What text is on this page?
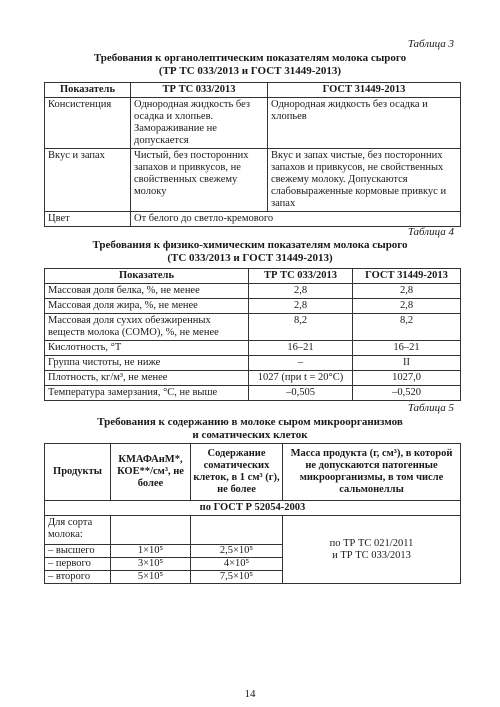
Таблица 3
Требования к органолептическим показателям молока сырого
(ТР ТС 033/2013 и ГОСТ 31449-2013)
Показатель	ТР ТС 033/2013	ГОСТ 31449-2013
Консистенция	Однородная жидкость без осадка и хлопьев. Замораживание не допускается	Однородная жидкость без осадка и хлопьев
Вкус и запах	Чистый, без посторонних запахов и привкусов, не свойственных свежему молоку	Вкус и запах чистые, без посторонних запахов и привкусов, не свойственных свежему молоку. Допускаются слабовыраженные кормовые привкус и запах
Цвет	От белого до светло-кремового	
Таблица 4
Требования к физико-химическим показателям молока сырого
(ТС 033/2013 и ГОСТ 31449-2013)
Показатель	ТР ТС 033/2013	ГОСТ 31449-2013
Массовая доля белка, %, не менее	2,8	2,8
Массовая доля жира, %, не менее	2,8	2,8
Массовая доля сухих обезжиренных веществ молока (СОМО), %, не менее	8,2	8,2
Кислотность, °Т	16–21	16–21
Группа чистоты, не ниже	–	II
Плотность, кг/м³, не менее	1027 (при t = 20°C)	1027,0
Температура замерзания, °С, не выше	–0,505	–0,520
Таблица 5
Требования к содержанию в молоке сыром микроорганизмов
и соматических клеток
Продукты	КМАФАнМ*, КОЕ**/см³, не более	Содержание соматических клеток, в 1 см³ (г), не более	Масса продукта (г, см³), в которой не допускаются патогенные микроорганизмы, в том числе сальмонеллы
по ГОСТ Р 52054-2003			
Для сорта молока:			по ТР ТС 021/2011
и ТР ТС 033/2013

– высшего	1×10⁵	2,5×10⁵	
– первого	3×10⁵	4×10⁵	
– второго	5×10⁵	7,5×10⁵	
14
